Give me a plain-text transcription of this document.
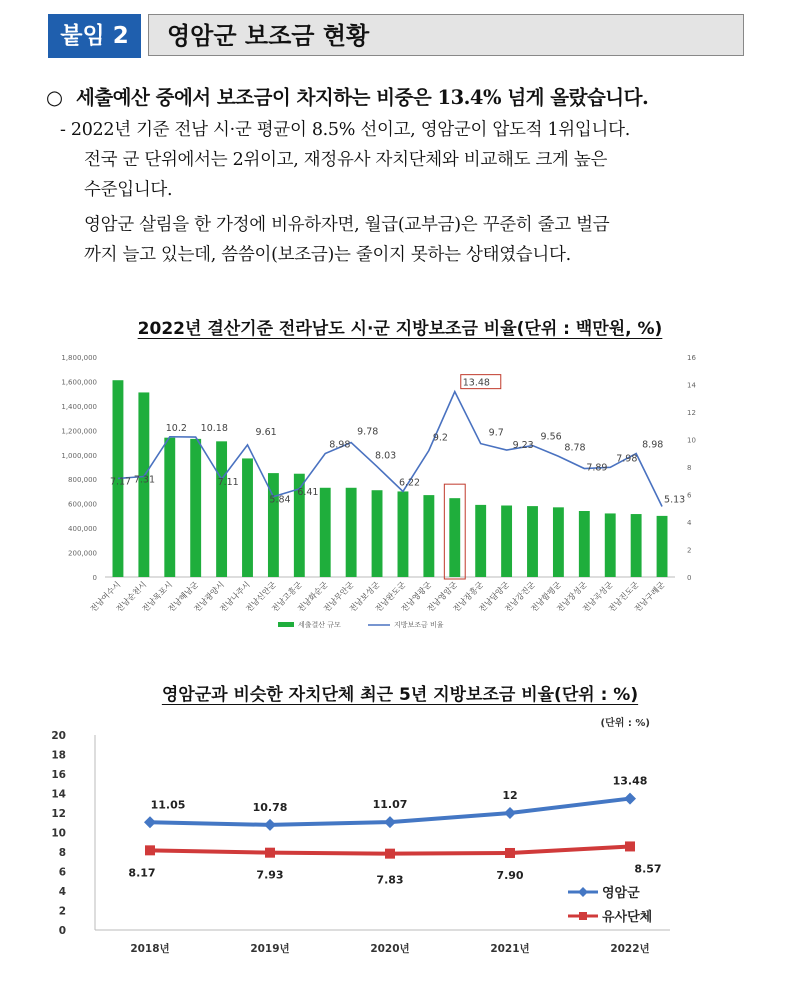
붙임 2	영암군 보조금 현황
○ 세출예산 중에서 보조금이 차지하는 비중은 13.4% 넘게 올랐습니다.
- 2022년 기준 전남 시·군 평균이 8.5% 선이고, 영암군이 압도적 1위입니다.
전국 군 단위에서는 2위이고, 재정유사 자치단체와 비교해도 크게 높은
수준입니다.
영암군 살림을 한 가정에 비유하자면, 월급(교부금)은 꾸준히 줄고 벌금
까지 늘고 있는데, 씀씀이(보조금)는 줄이지 못하는 상태였습니다.
2022년 결산기준 전라남도 시·군 지방보조금 비율(단위 : 백만원, %)
0
200,000
400,000
600,000
800,000
1,000,000
1,200,000
1,400,000
1,600,000
1,800,000
0
2
4
6
8
10
12
14
16
전남여수시
전남순천시
전남목포시
전남해남군
전남광양시
전남나주시
전남신안군
전남고흥군
전남화순군
전남무안군
전남보성군
전남완도군
전남영광군
전남영암군
전남장흥군
전남담양군
전남강진군
전남함평군
전남장성군
전남곡성군
전남진도군
전남구례군
7.17 7.31
10.2 10.18
7.11
9.61
5.84
6.41
8.98
9.78
8.03
6.22
9.2
13.48
9.7
9.23
9.56
8.78
7.89
7.98
8.98
5.13
세출결산 규모	지방보조금 비율
영암군과 비슷한 자치단체 최근 5년 지방보조금 비율(단위 : %)
(단위 : %)
0
2
4
6
8
10
12
14
16
18
20
2018년	2019년	2020년	2021년	2022년
11.05	10.78	11.07
12
13.48
8.17	7.93	7.83	7.90
8.57
영암군
유사단체
